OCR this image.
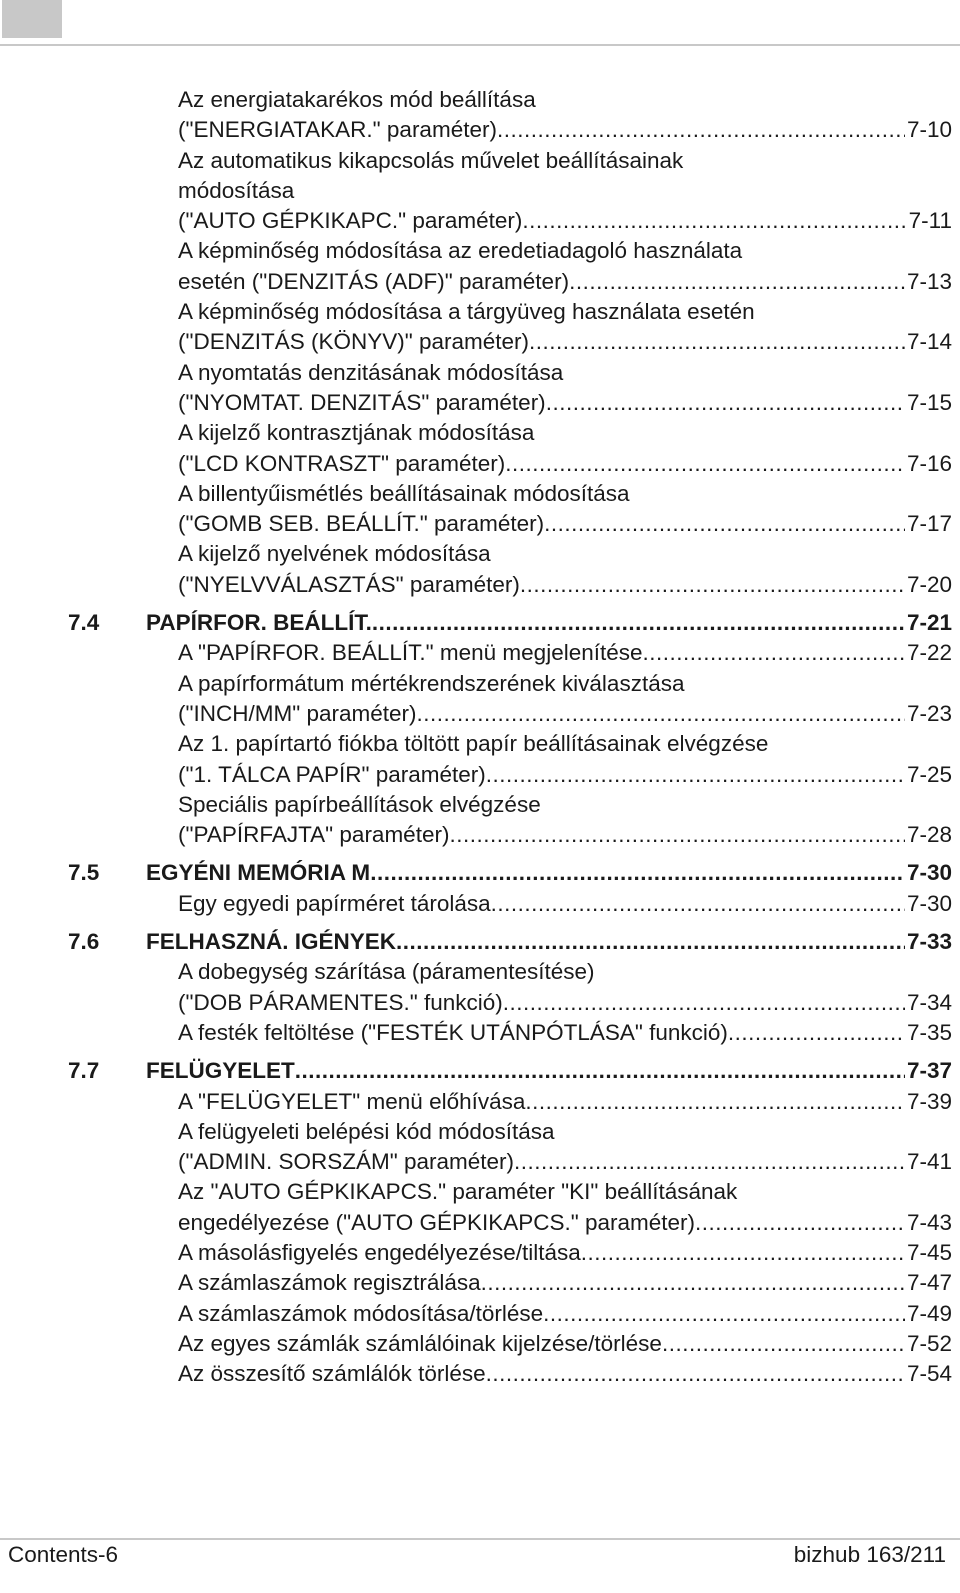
Az energiatakarékos mód beállítása
("ENERGIATAKAR." paraméter) .....	7-10
Az automatikus kikapcsolás művelet beállításainak
módosítása
("AUTO GÉPKIKAPC." paraméter) .....	7-11
A képminőség módosítása az eredetiadagoló használata
esetén ("DENZITÁS (ADF)" paraméter) .....	7-13
A képminőség módosítása a tárgyüveg használata esetén
("DENZITÁS (KÖNYV)" paraméter) .....	7-14
A nyomtatás denzitásának módosítása
("NYOMTAT. DENZITÁS" paraméter) .....	7-15
A kijelző kontrasztjának módosítása
("LCD KONTRASZT" paraméter) .....	7-16
A billentyűismétlés beállításainak módosítása
("GOMB SEB. BEÁLLÍT." paraméter) .....	7-17
A kijelző nyelvének módosítása
("NYELVVÁLASZTÁS" paraméter) .....	7-20
7.4 PAPÍRFOR. BEÁLLÍT. .....	7-21
A "PAPÍRFOR. BEÁLLÍT." menü megjelenítése .....	7-22
A papírformátum mértékrendszerének kiválasztása
("INCH/MM" paraméter) .....	7-23
Az 1. papírtartó fiókba töltött papír beállításainak elvégzése
("1. TÁLCA PAPÍR" paraméter) .....	7-25
Speciális papírbeállítások elvégzése
("PAPÍRFAJTA" paraméter) .....	7-28
7.5 EGYÉNI MEMÓRIA M .....	7-30
Egy egyedi papírméret tárolása .....	7-30
7.6 FELHASZNÁ. IGÉNYEK .....	7-33
A dobegység szárítása (páramentesítése)
("DOB PÁRAMENTES." funkció) .....	7-34
A festék feltöltése ("FESTÉK UTÁNPÓTLÁSA" funkció) .....	7-35
7.7 FELÜGYELET .....	7-37
A "FELÜGYELET" menü előhívása .....	7-39
A felügyeleti belépési kód módosítása
("ADMIN. SORSZÁM" paraméter) .....	7-41
Az "AUTO GÉPKIKAPCS." paraméter "KI" beállításának
engedélyezése ("AUTO GÉPKIKAPCS." paraméter) .....	7-43
A másolásfigyelés engedélyezése/tiltása .....	7-45
A számlaszámok regisztrálása .....	7-47
A számlaszámok módosítása/törlése .....	7-49
Az egyes számlák számlálóinak kijelzése/törlése .....	7-52
Az összesítő számlálók törlése .....	7-54
Contents-6	bizhub 163/211
